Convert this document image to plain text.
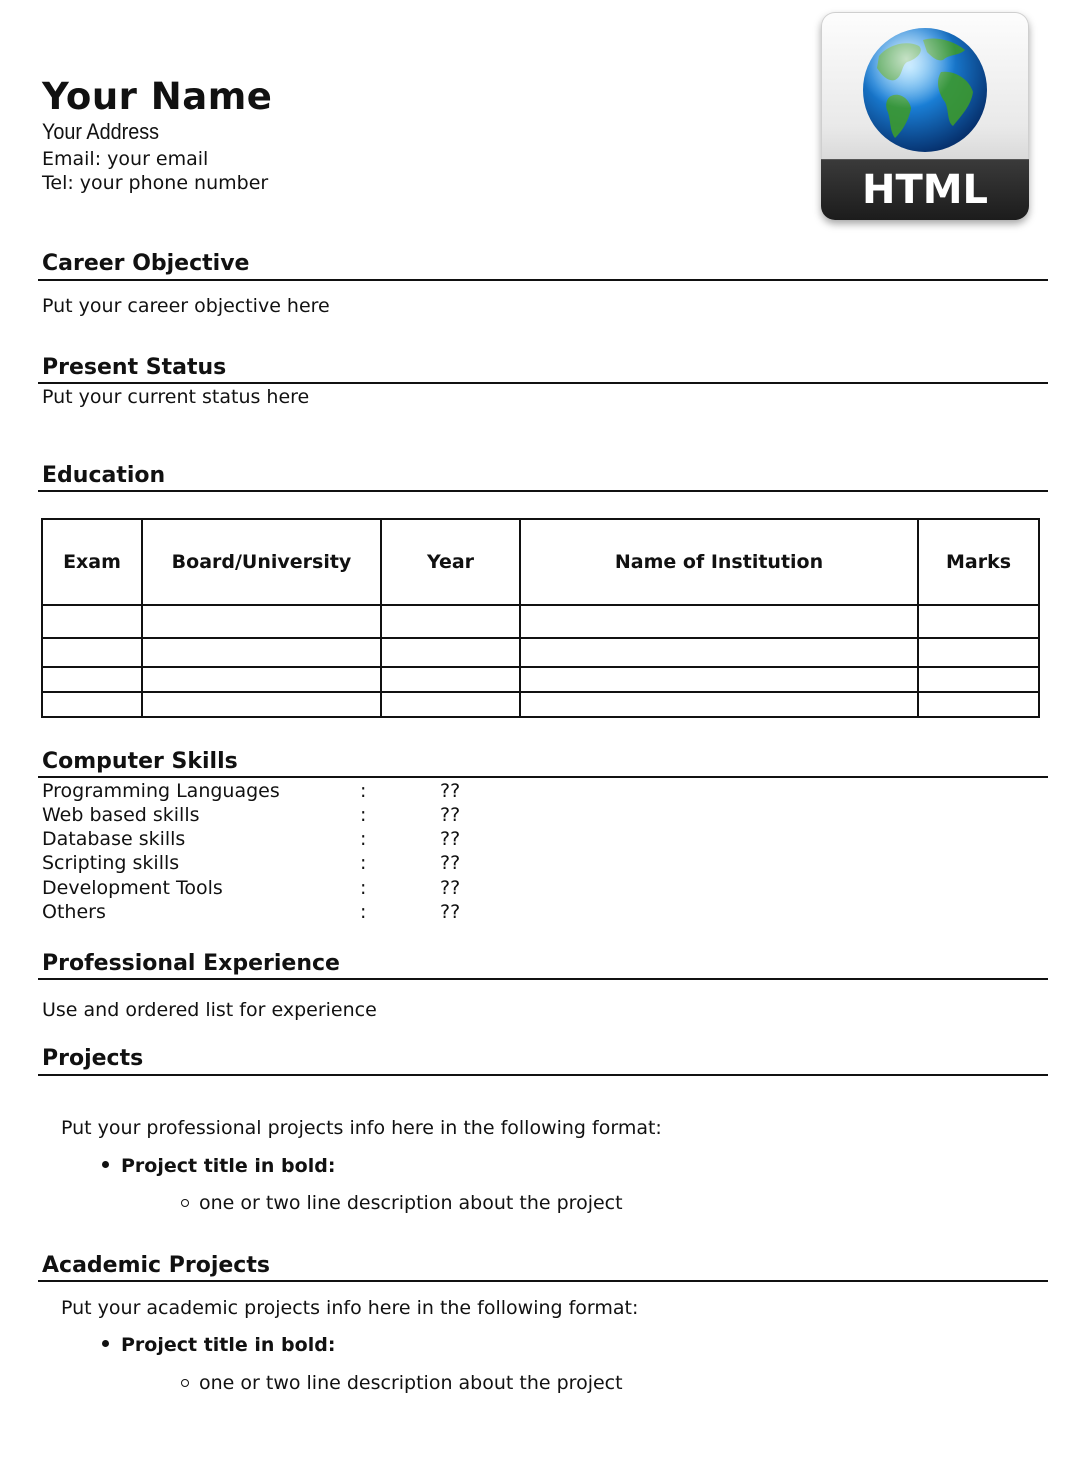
Your Name
Your Address
Email: your email
Tel: your phone number	HTML
Career Objective
Put your career objective here
Present Status
Put your current status here
Education
Exam	Board/University	Year	Name of Institution	Marks

Computer Skills
Programming Languages	:	??
Web based skills	:	??
Database skills	:	??
Scripting skills	:	??
Development Tools	:	??
Others	:	??
Professional Experience
Use and ordered list for experience
Projects
Put your professional projects info here in the following format:
Project title in bold:
one or two line description about the project
Academic Projects
Put your academic projects info here in the following format:
Project title in bold:
one or two line description about the project
